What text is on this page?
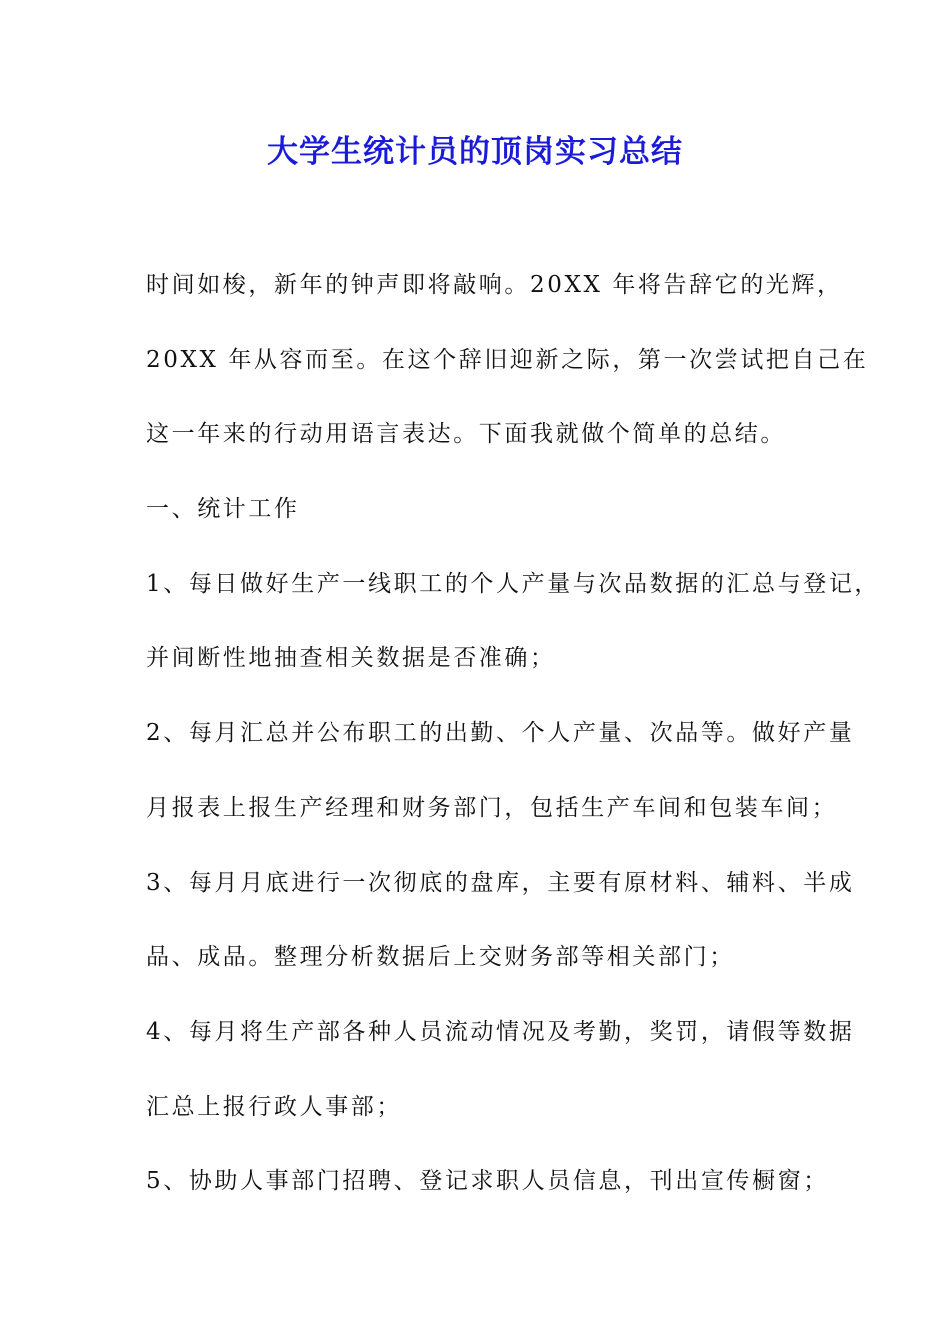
大学生统计员的顶岗实习总结
时间如梭，新年的钟声即将敲响。20XX 年将告辞它的光辉，
20XX 年从容而至。在这个辞旧迎新之际，第一次尝试把自己在
这一年来的行动用语言表达。下面我就做个简单的总结。
一、统计工作
1、每日做好生产一线职工的个人产量与次品数据的汇总与登记，
并间断性地抽查相关数据是否准确；
2、每月汇总并公布职工的出勤、个人产量、次品等。做好产量
月报表上报生产经理和财务部门，包括生产车间和包装车间；
3、每月月底进行一次彻底的盘库，主要有原材料、辅料、半成
品、成品。整理分析数据后上交财务部等相关部门；
4、每月将生产部各种人员流动情况及考勤，奖罚，请假等数据
汇总上报行政人事部；
5、协助人事部门招聘、登记求职人员信息，刊出宣传橱窗；
